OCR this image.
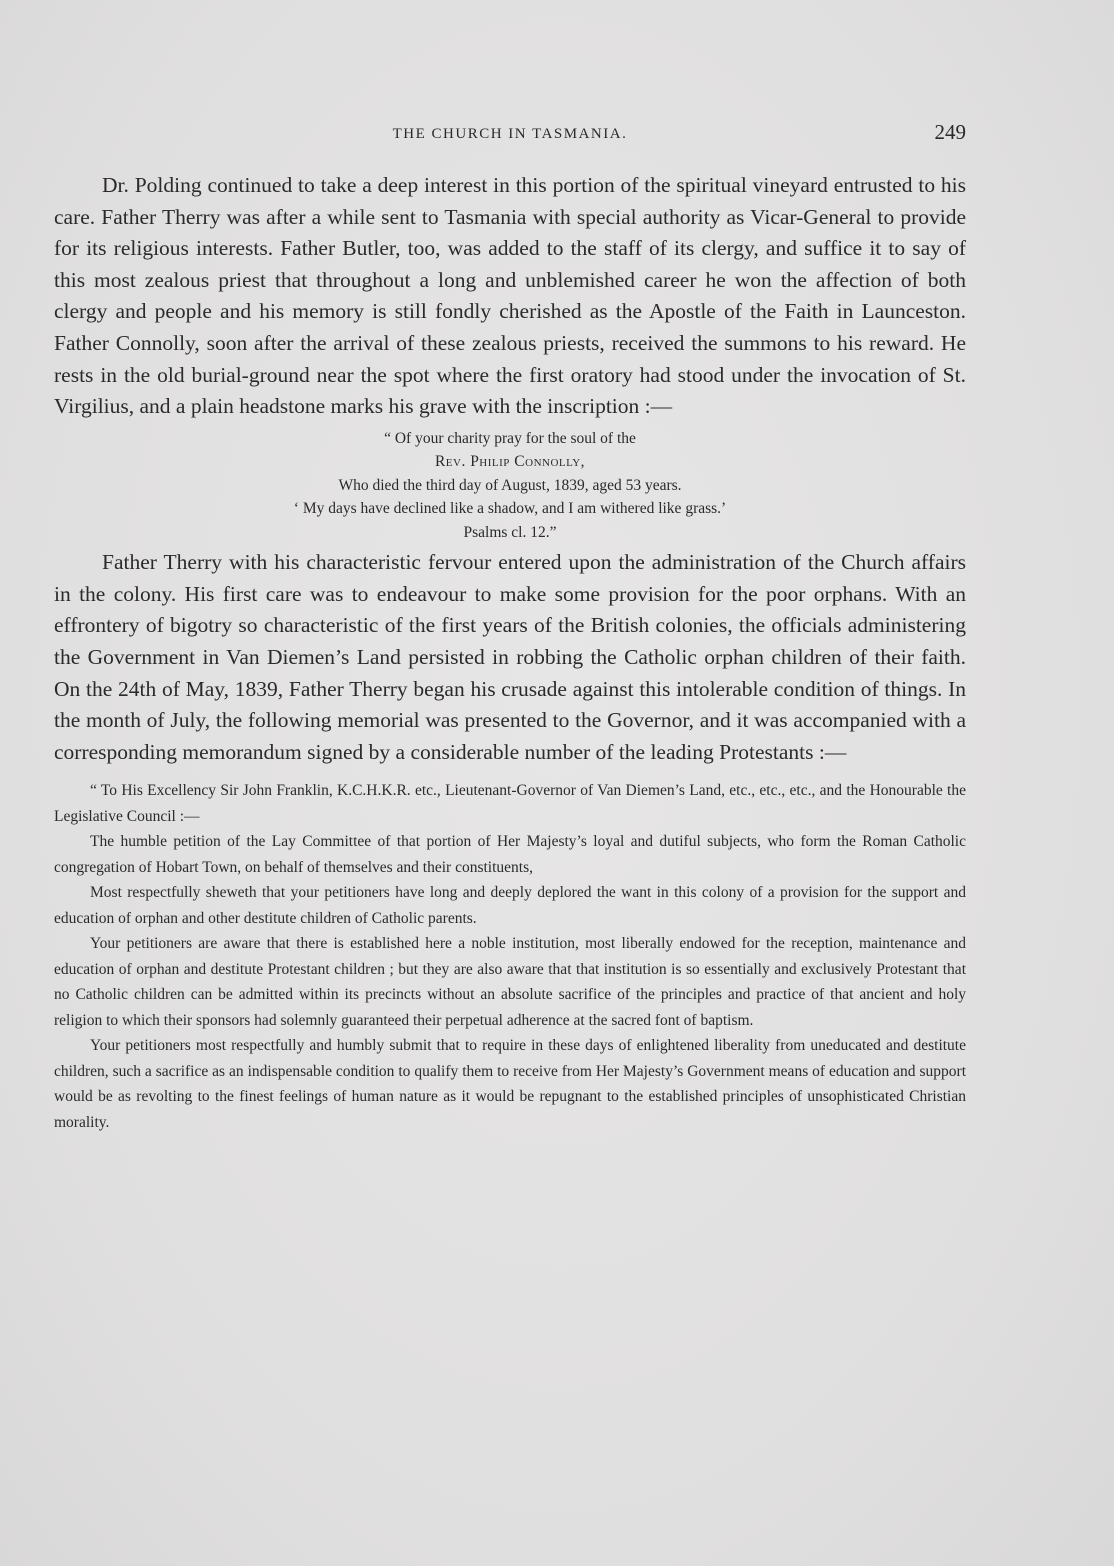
THE CHURCH IN TASMANIA.	249

Dr. Polding continued to take a deep interest in this portion of the spiritual vineyard entrusted to his care. Father Therry was after a while sent to Tasmania with special authority as Vicar-General to provide for its religious interests. Father Butler, too, was added to the staff of its clergy, and suffice it to say of this most zealous priest that throughout a long and unblemished career he won the affection of both clergy and people and his memory is still fondly cherished as the Apostle of the Faith in Launceston. Father Connolly, soon after the arrival of these zealous priests, received the summons to his reward. He rests in the old burial-ground near the spot where the first oratory had stood under the invocation of St. Virgilius, and a plain headstone marks his grave with the inscription :—

“ Of your charity pray for the soul of the
Rev. Philip Connolly,
Who died the third day of August, 1839, aged 53 years.
‘ My days have declined like a shadow, and I am withered like grass.’
Psalms cl. 12.”

Father Therry with his characteristic fervour entered upon the administration of the Church affairs in the colony. His first care was to endeavour to make some provision for the poor orphans. With an effrontery of bigotry so characteristic of the first years of the British colonies, the officials administering the Government in Van Diemen’s Land persisted in robbing the Catholic orphan children of their faith. On the 24th of May, 1839, Father Therry began his crusade against this intolerable condition of things. In the month of July, the following memorial was presented to the Governor, and it was accompanied with a corresponding memorandum signed by a considerable number of the leading Protestants :—

“ To His Excellency Sir John Franklin, K.C.H.K.R. etc., Lieutenant-Governor of Van Diemen’s Land, etc., etc., etc., and the Honourable the Legislative Council :—

The humble petition of the Lay Committee of that portion of Her Majesty’s loyal and dutiful subjects, who form the Roman Catholic congregation of Hobart Town, on behalf of themselves and their constituents,

Most respectfully sheweth that your petitioners have long and deeply deplored the want in this colony of a provision for the support and education of orphan and other destitute children of Catholic parents.

Your petitioners are aware that there is established here a noble institution, most liberally endowed for the reception, maintenance and education of orphan and destitute Protestant children ; but they are also aware that that institution is so essentially and exclusively Protestant that no Catholic children can be admitted within its precincts without an absolute sacrifice of the principles and practice of that ancient and holy religion to which their sponsors had solemnly guaranteed their perpetual adherence at the sacred font of baptism.

Your petitioners most respectfully and humbly submit that to require in these days of enlightened liberality from uneducated and destitute children, such a sacrifice as an indispensable condition to qualify them to receive from Her Majesty’s Government means of education and support would be as revolting to the finest feelings of human nature as it would be repugnant to the established principles of unsophisticated Christian morality.
